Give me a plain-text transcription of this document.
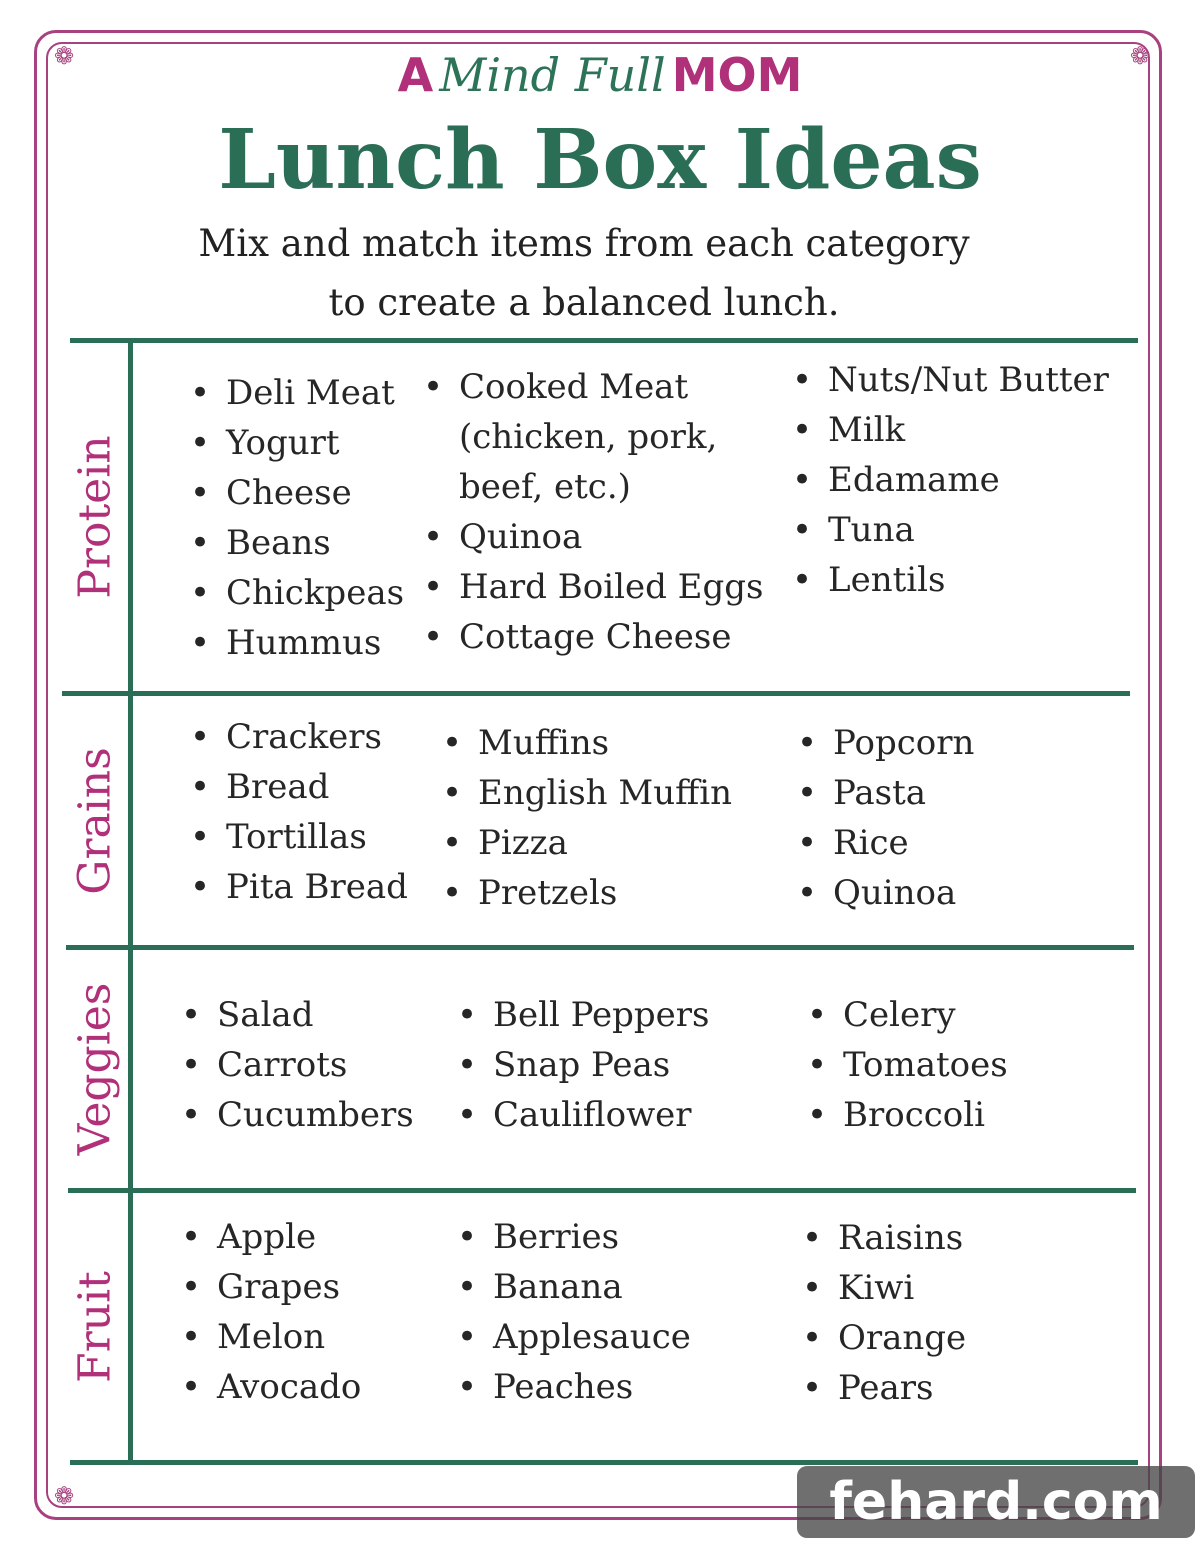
❁	❁
❁
A Mind Full MOM
Lunch Box Ideas
Mix and match items from each category
to create a balanced lunch.
Protein
• Deli Meat
• Yogurt
• Cheese
• Beans
• Chickpeas
• Hummus
• Cooked Meat
(chicken, pork,
beef, etc.)
• Quinoa
• Hard Boiled Eggs
• Cottage Cheese
• Nuts/Nut Butter
• Milk
• Edamame
• Tuna
• Lentils
Grains
• Crackers
• Bread
• Tortillas
• Pita Bread
• Muffins
• English Muffin
• Pizza
• Pretzels
• Popcorn
• Pasta
• Rice
• Quinoa
Veggies
•	Salad
• Carrots
• Cucumbers
• Bell Peppers
• Snap Peas
• Cauliflower
• Celery
• Tomatoes
• Broccoli
Fruit
• Apple
• Grapes
• Melon
• Avocado
• Berries
• Banana
• Applesauce
• Peaches
• Raisins
• Kiwi
• Orange
• Pears
fehard.com
